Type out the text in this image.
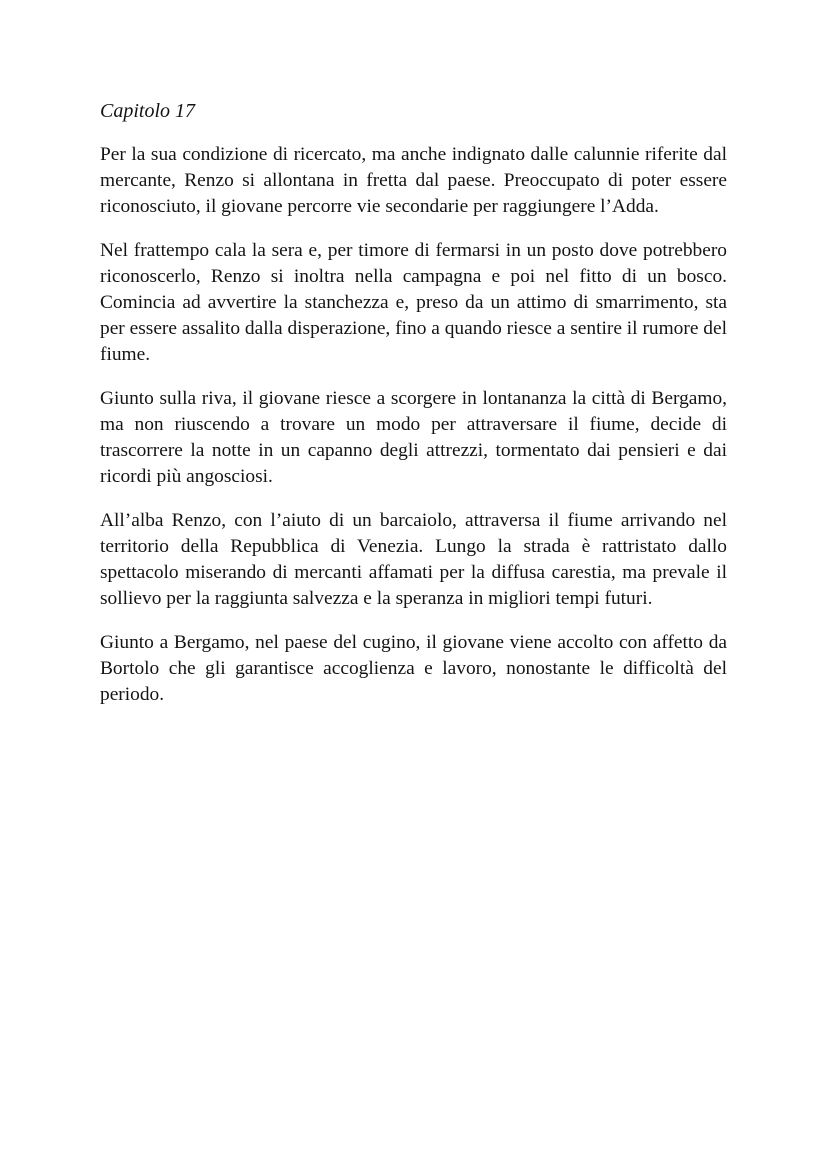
Capitolo 17

Per la sua condizione di ricercato, ma anche indignato dalle calunnie riferite dal mercante, Renzo si allontana in fretta dal paese. Preoccupato di poter essere riconosciuto, il giovane percorre vie secondarie per raggiungere l’Adda.

Nel frattempo cala la sera e, per timore di fermarsi in un posto dove potrebbero riconoscerlo, Renzo si inoltra nella campagna e poi nel fitto di un bosco. Comincia ad avvertire la stanchezza e, preso da un attimo di smarrimento, sta per essere assalito dalla disperazione, fino a quando riesce a sentire il rumore del fiume.

Giunto sulla riva, il giovane riesce a scorgere in lontananza la città di Bergamo, ma non riuscendo a trovare un modo per attraversare il fiume, decide di trascorrere la notte in un capanno degli attrezzi, tormentato dai pensieri e dai ricordi più angosciosi.

All’alba Renzo, con l’aiuto di un barcaiolo, attraversa il fiume arrivando nel territorio della Repubblica di Venezia. Lungo la strada è rattristato dallo spettacolo miserando di mercanti affamati per la diffusa carestia, ma prevale il sollievo per la raggiunta salvezza e la speranza in migliori tempi futuri.

Giunto a Bergamo, nel paese del cugino, il giovane viene accolto con affetto da Bortolo che gli garantisce accoglienza e lavoro, nonostante le difficoltà del periodo.
